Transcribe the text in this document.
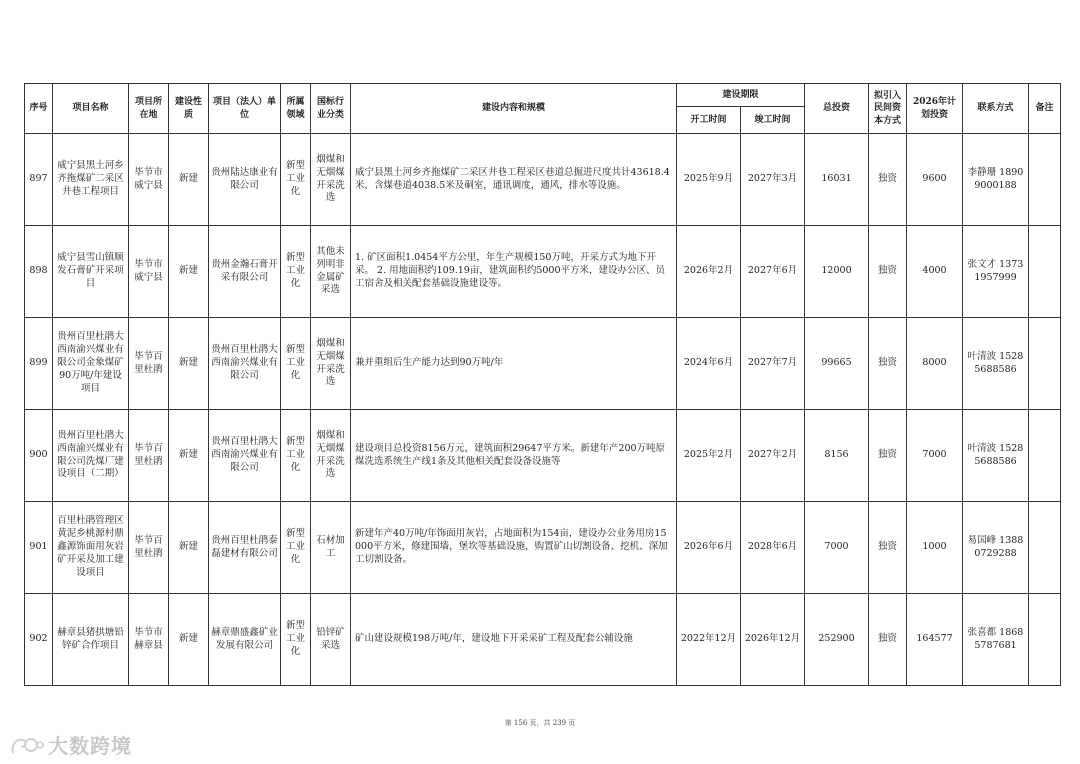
序号	项目名称	项目所在地	建设性质	项目（法人）单位	所属领域	国标行业分类	建设内容和规模	建设期限		总投资	拟引入民间资本方式	2026年计划投资	联系方式	备注
								开工时间	竣工时间					
897	威宁县黑土河乡齐拖煤矿二采区井巷工程项目	毕节市威宁县	新建	贵州陆达康业有限公司	新型工业化	烟煤和无烟煤开采洗选	威宁县黑土河乡齐拖煤矿二采区井巷工程采区巷道总掘进尺度共计43618.4米，含煤巷道4038.5米及硐室，通讯调度，通风，排水等设施。	2025年9月	2027年3月	16031	独资	9600	李静珊 18909000188	
898	威宁县雪山镇顺发石膏矿开采项目	毕节市威宁县	新建	贵州金瀚石膏开采有限公司	新型工业化	其他未列明非金属矿采选	1. 矿区面积1.0454平方公里，年生产规模150万吨，开采方式为地下开采。 2. 用地面积约109.19亩，建筑面积约5000平方米，建设办公区、员工宿舍及相关配套基础设施建设等。	2026年2月	2027年6月	12000	独资	4000	张文才 13731957999	
899	贵州百里杜鹃大西南渝兴煤业有限公司金象煤矿90万吨/年建设项目	毕节百里杜鹃	新建	贵州百里杜鹃大西南渝兴煤业有限公司	新型工业化	烟煤和无烟煤开采洗选	兼并重组后生产能力达到90万吨/年	2024年6月	2027年7月	99665	独资	8000	叶清波 15285688586	
900	贵州百里杜鹃大西南渝兴煤业有限公司洗煤厂建设项目（二期）	毕节百里杜鹃	新建	贵州百里杜鹃大西南渝兴煤业有限公司	新型工业化	烟煤和无烟煤开采洗选	建设项目总投资8156万元，建筑面积29647平方米。新建年产200万吨原煤洗选系统生产线1条及其他相关配套设备设施等	2025年2月	2027年2月	8156	独资	7000	叶清波 15285688586	
901	百里杜鹃管理区黄泥乡桃源村鼎鑫源饰面用灰岩矿开采及加工建设项目	毕节百里杜鹃	新建	贵州百里杜鹃泰磊建材有限公司	新型工业化	石材加工	新建年产40万吨/年饰面用灰岩，占地面积为154亩，建设办公业务用房15000平方米，修建围墙，堡坎等基础设施，购置矿山切割设备、挖机、深加工切割设备。	2026年6月	2028年6月	7000	独资	1000	易国峰 13880729288	
902	赫章县猪拱塘铅锌矿合作项目	毕节市赫章县	新建	赫章鼎盛鑫矿业发展有限公司	新型工业化	铅锌矿采选	矿山建设规模198万吨/年，建设地下开采采矿工程及配套公辅设施	2022年12月	2026年12月	252900	独资	164577	张喜都 18685787681	
第 156 页，共 239 页
大数跨境
